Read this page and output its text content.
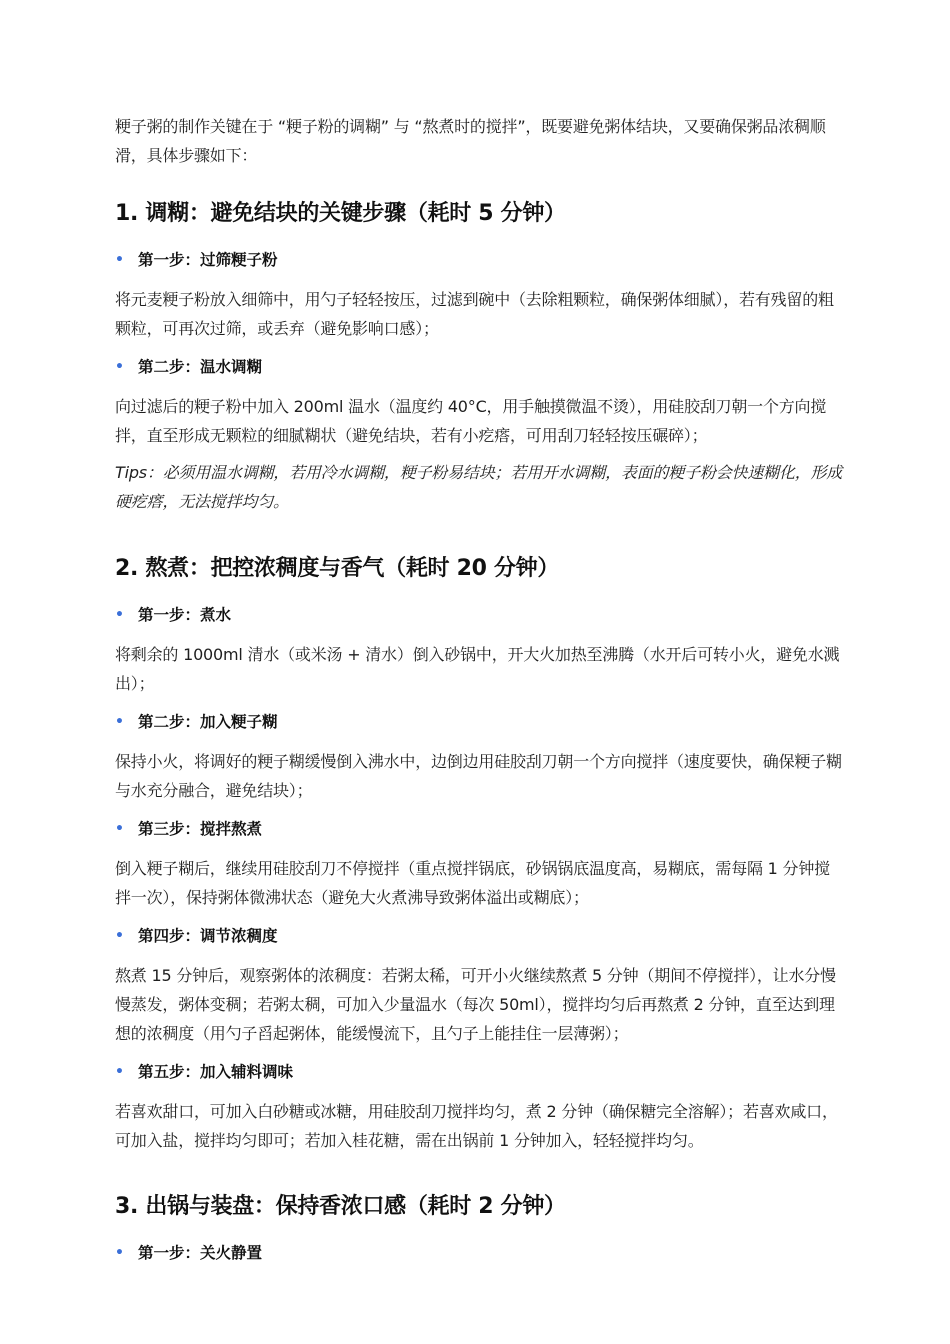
粳子粥的制作关键在于 “粳子粉的调糊” 与 “熬煮时的搅拌”，既要避免粥体结块，又要确保粥品浓稠顺滑，具体步骤如下：

1. 调糊：避免结块的关键步骤（耗时 5 分钟）
• 第一步：过筛粳子粉

将元麦粳子粉放入细筛中，用勺子轻轻按压，过滤到碗中（去除粗颗粒，确保粥体细腻），若有残留的粗颗粒，可再次过筛，或丢弃（避免影响口感）；

• 第二步：温水调糊

向过滤后的粳子粉中加入 200ml 温水（温度约 40°C，用手触摸微温不烫），用硅胶刮刀朝一个方向搅拌，直至形成无颗粒的细腻糊状（避免结块，若有小疙瘩，可用刮刀轻轻按压碾碎）；

Tips：必须用温水调糊，若用冷水调糊，粳子粉易结块；若用开水调糊，表面的粳子粉会快速糊化，形成硬疙瘩，无法搅拌均匀。

2. 熬煮：把控浓稠度与香气（耗时 20 分钟）
• 第一步：煮水

将剩余的 1000ml 清水（或米汤 + 清水）倒入砂锅中，开大火加热至沸腾（水开后可转小火，避免水溅出）；

• 第二步：加入粳子糊

保持小火，将调好的粳子糊缓慢倒入沸水中，边倒边用硅胶刮刀朝一个方向搅拌（速度要快，确保粳子糊与水充分融合，避免结块）；

• 第三步：搅拌熬煮

倒入粳子糊后，继续用硅胶刮刀不停搅拌（重点搅拌锅底，砂锅锅底温度高，易糊底，需每隔 1 分钟搅拌一次），保持粥体微沸状态（避免大火煮沸导致粥体溢出或糊底）；

• 第四步：调节浓稠度

熬煮 15 分钟后，观察粥体的浓稠度：若粥太稀，可开小火继续熬煮 5 分钟（期间不停搅拌），让水分慢慢蒸发，粥体变稠；若粥太稠，可加入少量温水（每次 50ml），搅拌均匀后再熬煮 2 分钟，直至达到理想的浓稠度（用勺子舀起粥体，能缓慢流下，且勺子上能挂住一层薄粥）；

• 第五步：加入辅料调味

若喜欢甜口，可加入白砂糖或冰糖，用硅胶刮刀搅拌均匀，煮 2 分钟（确保糖完全溶解）；若喜欢咸口，可加入盐，搅拌均匀即可；若加入桂花糖，需在出锅前 1 分钟加入，轻轻搅拌均匀。

3. 出锅与装盘：保持香浓口感（耗时 2 分钟）
• 第一步：关火静置
